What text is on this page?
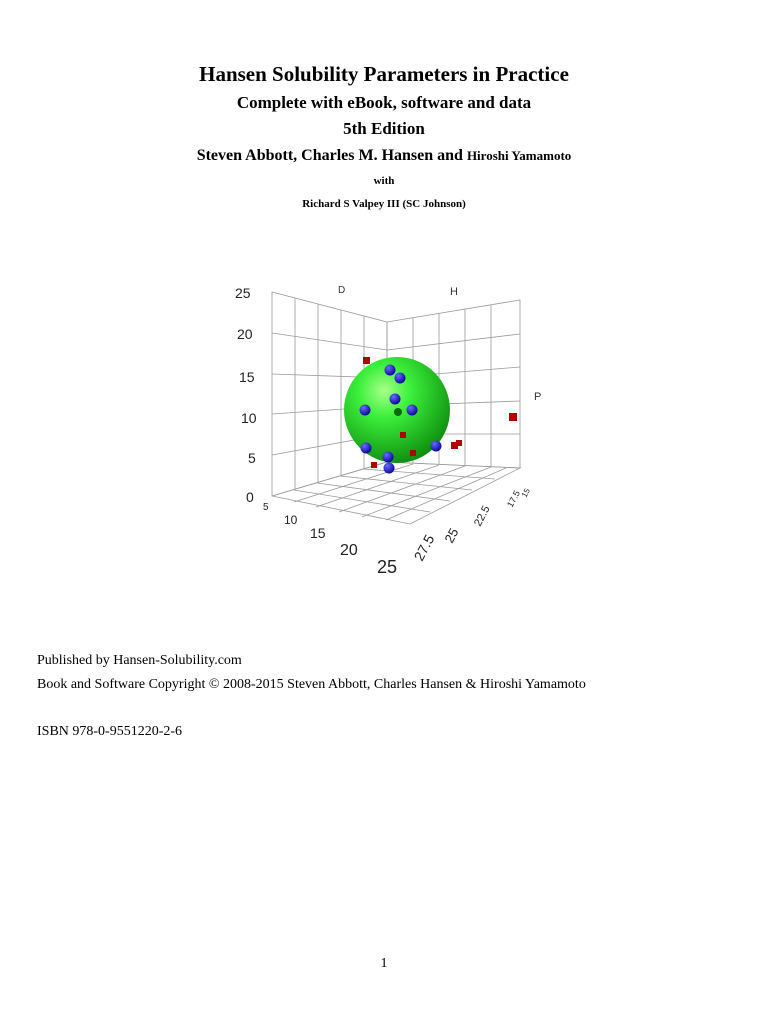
Hansen Solubility Parameters in Practice

Complete with eBook, software and data

5th Edition

Steven Abbott, Charles M. Hansen and Hiroshi Yamamoto

with

Richard S Valpey III (SC Johnson)

D	H
P
25
20
15
10
5
0
5
10
15
20
25
27.5 25
22.5
17.5
15
Published by Hansen-Solubility.com
Book and Software Copyright © 2008-2015 Steven Abbott, Charles Hansen & Hiroshi Yamamoto
ISBN 978-0-9551220-2-6
1
